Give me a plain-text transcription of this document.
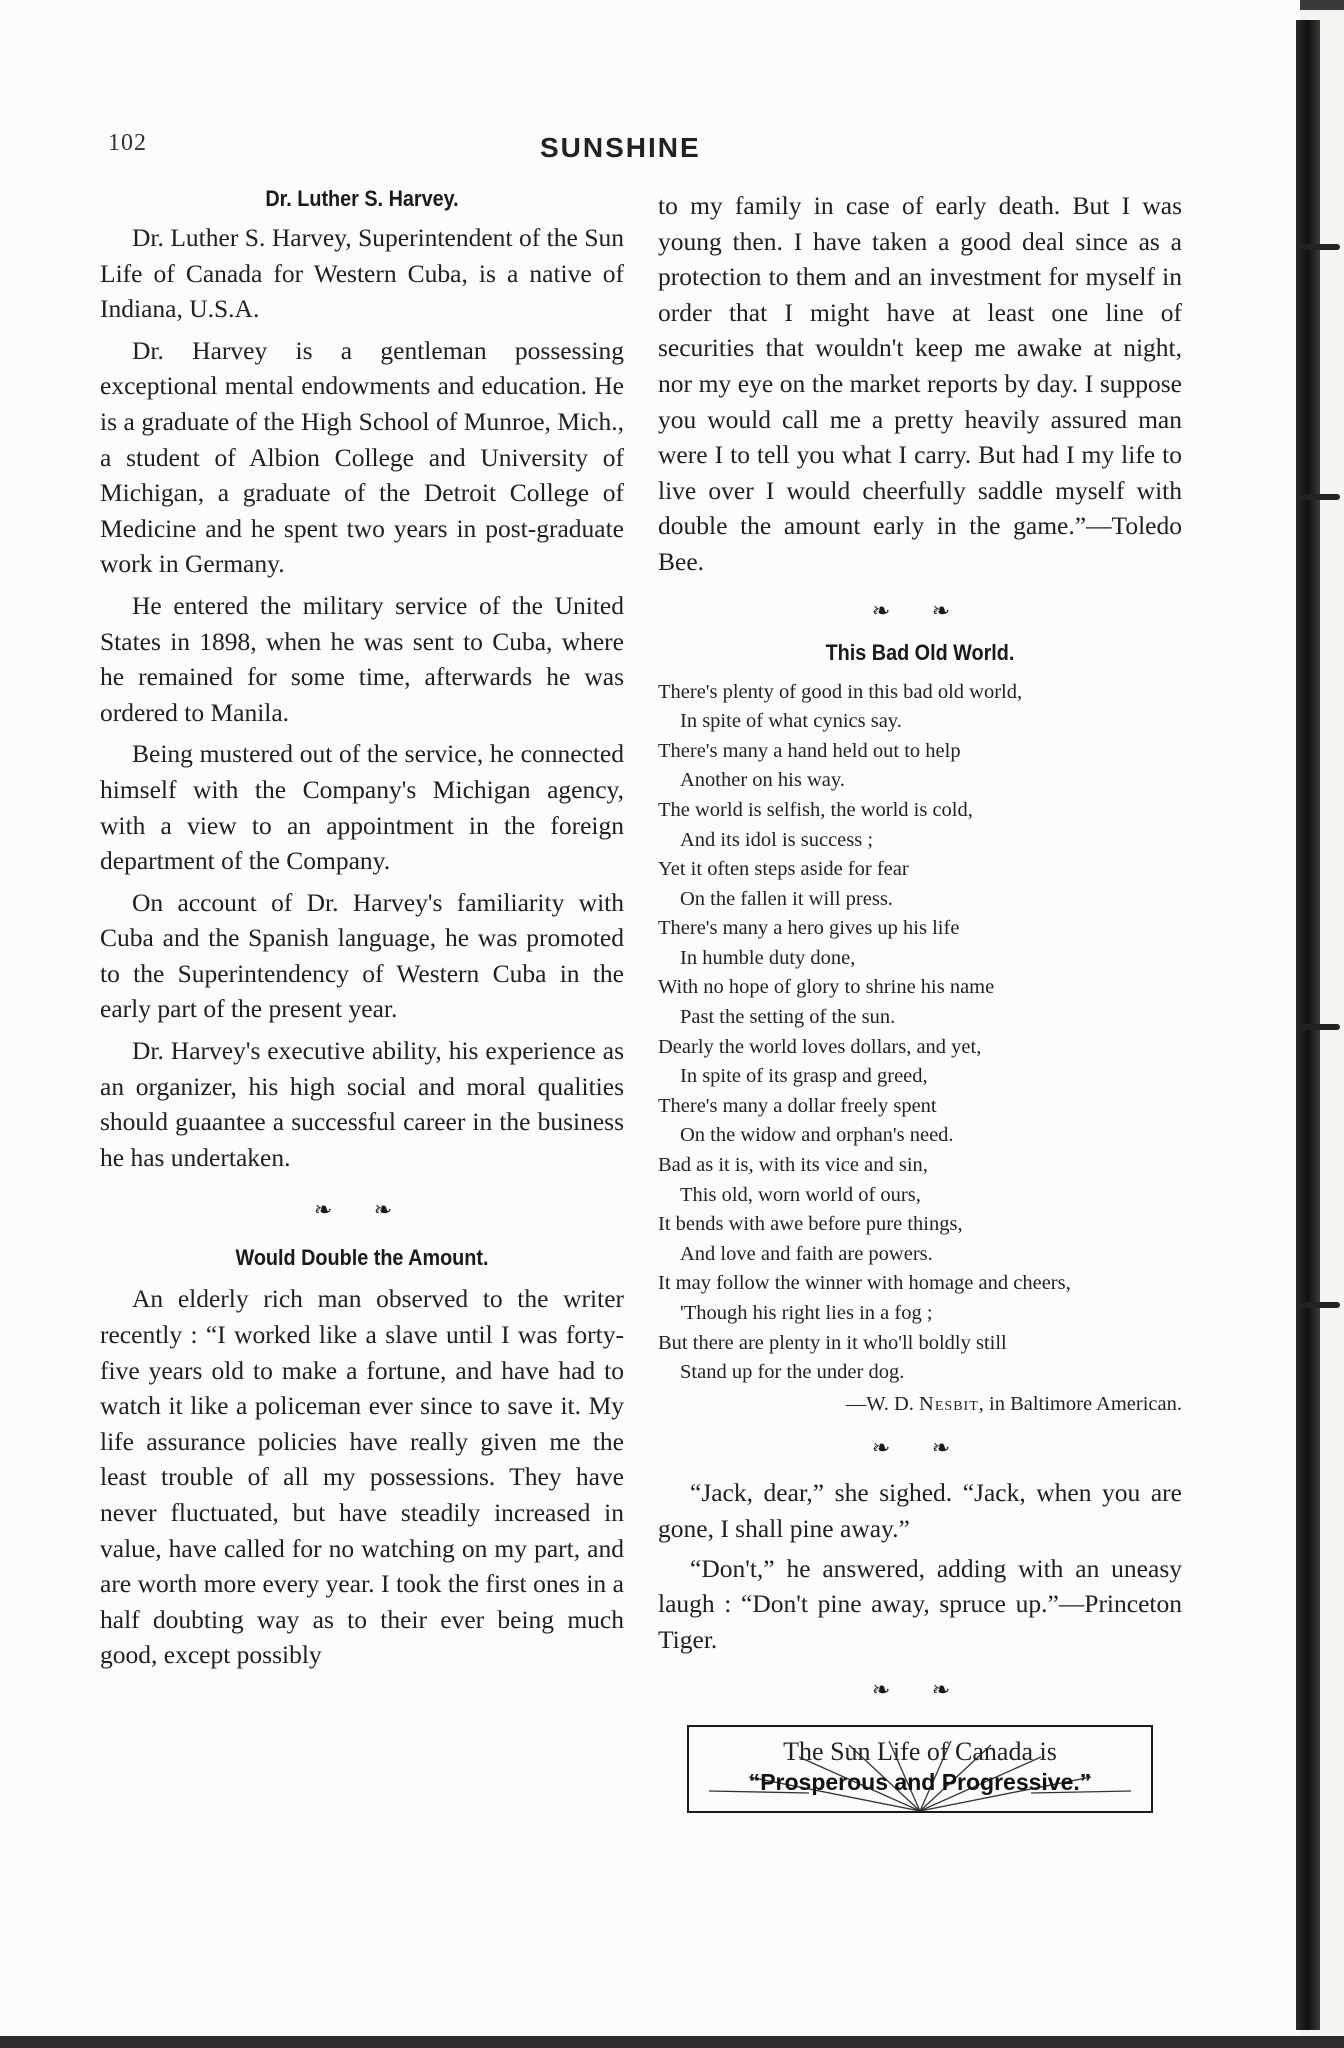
102	SUNSHINE
Dr. Luther S. Harvey.

Dr. Luther S. Harvey, Superintendent of the Sun Life of Canada for Western Cuba, is a native of Indiana, U.S.A.

Dr. Harvey is a gentleman possessing exceptional mental endowments and education. He is a graduate of the High School of Munroe, Mich., a student of Albion College and University of Michigan, a graduate of the Detroit College of Medicine and he spent two years in post-graduate work in Germany.

He entered the military service of the United States in 1898, when he was sent to Cuba, where he remained for some time, afterwards he was ordered to Manila.

Being mustered out of the service, he connected himself with the Company's Michigan agency, with a view to an appointment in the foreign department of the Company.

On account of Dr. Harvey's familiarity with Cuba and the Spanish language, he was promoted to the Superintendency of Western Cuba in the early part of the present year.

Dr. Harvey's executive ability, his experience as an organizer, his high social and moral qualities should guaantee a successful career in the business he has undertaken.

❧ ❧

Would Double the Amount.

An elderly rich man observed to the writer recently : “I worked like a slave until I was forty-five years old to make a fortune, and have had to watch it like a policeman ever since to save it. My life assurance policies have really given me the least trouble of all my possessions. They have never fluctuated, but have steadily increased in value, have called for no watching on my part, and are worth more every year. I took the first ones in a half doubting way as to their ever being much good, except possibly

to my family in case of early death. But I was young then. I have taken a good deal since as a protection to them and an investment for myself in order that I might have at least one line of securities that wouldn't keep me awake at night, nor my eye on the market reports by day. I suppose you would call me a pretty heavily assured man were I to tell you what I carry. But had I my life to live over I would cheerfully saddle myself with double the amount early in the game.”—Toledo Bee.

❧ ❧

This Bad Old World.
There's plenty of good in this bad old world,
In spite of what cynics say.
There's many a hand held out to help
Another on his way.
The world is selfish, the world is cold,
And its idol is success ;
Yet it often steps aside for fear
On the fallen it will press.
There's many a hero gives up his life
In humble duty done,
With no hope of glory to shrine his name
Past the setting of the sun.
Dearly the world loves dollars, and yet,
In spite of its grasp and greed,
There's many a dollar freely spent
On the widow and orphan's need.
Bad as it is, with its vice and sin,
This old, worn world of ours,
It bends with awe before pure things,
And love and faith are powers.
It may follow the winner with homage and cheers,
'Though his right lies in a fog ;
But there are plenty in it who'll boldly still
Stand up for the under dog.
—W. D. Nesbit, in Baltimore American.

❧ ❧

“Jack, dear,” she sighed. “Jack, when you are gone, I shall pine away.”

“Don't,” he answered, adding with an uneasy laugh : “Don't pine away, spruce up.”—Princeton Tiger.

❧ ❧

The Sun Life of Canada is
“Prosperous and Progressive.”
